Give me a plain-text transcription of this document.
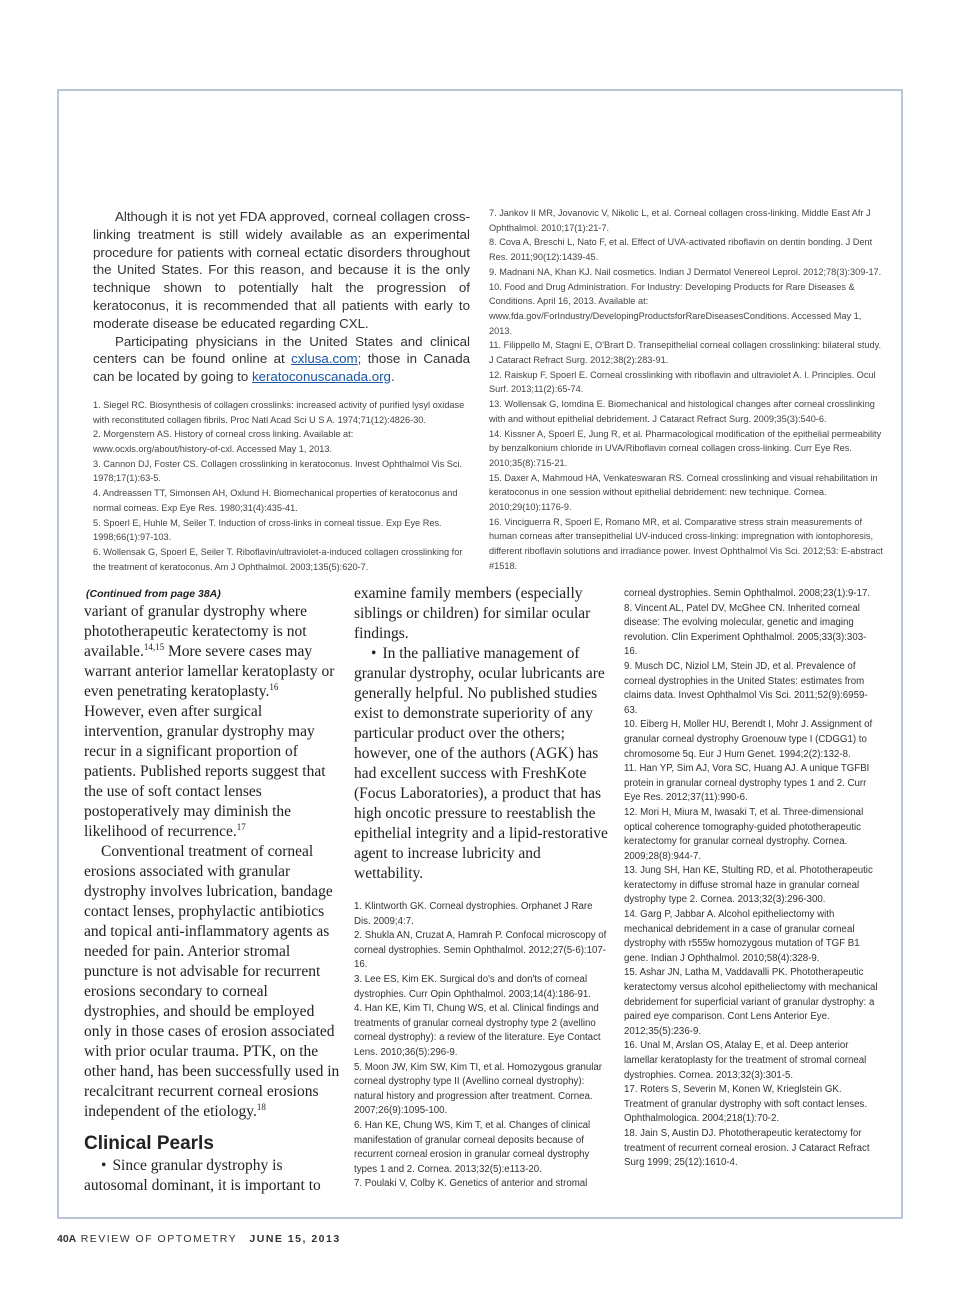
Although it is not yet FDA approved, corneal collagen cross-linking treatment is still widely available as an experimental procedure for patients with corneal ectatic disorders throughout the United States. For this reason, and because it is the only technique shown to potentially halt the progression of keratoconus, it is recommended that all patients with early to moderate disease be educated regarding CXL.

Participating physicians in the United States and clinical centers can be found online at cxlusa.com; those in Canada can be located by going to keratoconuscanada.org.

1. Siegel RC. Biosynthesis of collagen crosslinks: increased activity of purified lysyl oxidase with reconstituted collagen fibrils. Proc Natl Acad Sci U S A. 1974;71(12):4826-30.

2. Morgenstern AS. History of corneal cross linking. Available at: www.ocxls.org/about/history-of-cxl. Accessed May 1, 2013.

3. Cannon DJ, Foster CS. Collagen crosslinking in keratoconus. Invest Ophthalmol Vis Sci. 1978;17(1):63-5.

4. Andreassen TT, Simonsen AH, Oxlund H. Biomechanical properties of keratoconus and normal corneas. Exp Eye Res. 1980;31(4):435-41.

5. Spoerl E, Huhle M, Seiler T. Induction of cross-links in corneal tissue. Exp Eye Res. 1998;66(1):97-103.

6. Wollensak G, Spoerl E, Seiler T. Riboflavin/ultraviolet-a-induced collagen crosslinking for the treatment of keratoconus. Am J Ophthalmol. 2003;135(5):620-7.

7. Jankov II MR, Jovanovic V, Nikolic L, et al. Corneal collagen cross-linking. Middle East Afr J Ophthalmol. 2010;17(1):21-7.

8. Cova A, Breschi L, Nato F, et al. Effect of UVA-activated riboflavin on dentin bonding. J Dent Res. 2011;90(12):1439-45.

9. Madnani NA, Khan KJ. Nail cosmetics. Indian J Dermatol Venereol Leprol. 2012;78(3):309-17.

10. Food and Drug Administration. For Industry: Developing Products for Rare Diseases & Conditions. April 16, 2013. Available at: www.fda.gov/ForIndustry/DevelopingProductsforRareDiseasesConditions. Accessed May 1, 2013.

11. Filippello M, Stagni E, O'Brart D. Transepithelial corneal collagen crosslinking: bilateral study. J Cataract Refract Surg. 2012;38(2):283-91.

12. Raiskup F, Spoerl E. Corneal crosslinking with riboflavin and ultraviolet A. I. Principles. Ocul Surf. 2013;11(2):65-74.

13. Wollensak G, Iomdina E. Biomechanical and histological changes after corneal crosslinking with and without epithelial debridement. J Cataract Refract Surg. 2009;35(3):540-6.

14. Kissner A, Spoerl E, Jung R, et al. Pharmacological modification of the epithelial permeability by benzalkonium chloride in UVA/Riboflavin corneal collagen cross-linking. Curr Eye Res. 2010;35(8):715-21.

15. Daxer A, Mahmoud HA, Venkateswaran RS. Corneal crosslinking and visual rehabilitation in keratoconus in one session without epithelial debridement: new technique. Cornea. 2010;29(10):1176-9.

16. Vinciguerra R, Spoerl E, Romano MR, et al. Comparative stress strain measurements of human corneas after transepithelial UV-induced cross-linking: impregnation with iontophoresis, different riboflavin solutions and irradiance power. Invest Ophthalmol Vis Sci. 2012;53: E-abstract #1518.

(Continued from page 38A)

variant of granular dystrophy where phototherapeutic keratectomy is not available.$^{14,15}$ More severe cases may warrant anterior lamellar keratoplasty or even penetrating keratoplasty.$^{16}$ However, even after surgical intervention, granular dystrophy may recur in a significant proportion of patients. Published reports suggest that the use of soft contact lenses postoperatively may diminish the likelihood of recurrence.$^{17}$

Conventional treatment of corneal erosions associated with granular dystrophy involves lubrication, bandage contact lenses, prophylactic antibiotics and topical anti-inflammatory agents as needed for pain. Anterior stromal puncture is not advisable for recurrent erosions secondary to corneal dystrophies, and should be employed only in those cases of erosion associated with prior ocular trauma. PTK, on the other hand, has been successfully used in recalcitrant recurrent corneal erosions independent of the etiology.$^{18}$

Clinical Pearls

• Since granular dystrophy is autosomal dominant, it is important to

examine family members (especially siblings or children) for similar ocular findings.

• In the palliative management of granular dystrophy, ocular lubricants are generally helpful. No published studies exist to demonstrate superiority of any particular product over the others; however, one of the authors (AGK) has had excellent success with FreshKote (Focus Laboratories), a product that has high oncotic pressure to reestablish the epithelial integrity and a lipid-restorative agent to increase lubricity and wettability.

1. Klintworth GK. Corneal dystrophies. Orphanet J Rare Dis. 2009;4:7.

2. Shukla AN, Cruzat A, Hamrah P. Confocal microscopy of corneal dystrophies. Semin Ophthalmol. 2012;27(5-6):107-16.

3. Lee ES, Kim EK. Surgical do's and don'ts of corneal dystrophies. Curr Opin Ophthalmol. 2003;14(4):186-91.

4. Han KE, Kim TI, Chung WS, et al. Clinical findings and treatments of granular corneal dystrophy type 2 (avellino corneal dystrophy): a review of the literature. Eye Contact Lens. 2010;36(5):296-9.

5. Moon JW, Kim SW, Kim TI, et al. Homozygous granular corneal dystrophy type II (Avellino corneal dystrophy): natural history and progression after treatment. Cornea. 2007;26(9):1095-100.

6. Han KE, Chung WS, Kim T, et al. Changes of clinical manifestation of granular corneal deposits because of recurrent corneal erosion in granular corneal dystrophy types 1 and 2. Cornea. 2013;32(5):e113-20.

7. Poulaki V, Colby K. Genetics of anterior and stromal

corneal dystrophies. Semin Ophthalmol. 2008;23(1):9-17.

8. Vincent AL, Patel DV, McGhee CN. Inherited corneal disease: The evolving molecular, genetic and imaging revolution. Clin Experiment Ophthalmol. 2005;33(3):303-16.

9. Musch DC, Niziol LM, Stein JD, et al. Prevalence of corneal dystrophies in the United States: estimates from claims data. Invest Ophthalmol Vis Sci. 2011;52(9):6959-63.

10. Eiberg H, Moller HU, Berendt I, Mohr J. Assignment of granular corneal dystrophy Groenouw type I (CDGG1) to chromosome 5q. Eur J Hum Genet. 1994;2(2):132-8.

11. Han YP, Sim AJ, Vora SC, Huang AJ. A unique TGFBI protein in granular corneal dystrophy types 1 and 2. Curr Eye Res. 2012;37(11):990-6.

12. Mori H, Miura M, Iwasaki T, et al. Three-dimensional optical coherence tomography-guided phototherapeutic keratectomy for granular corneal dystrophy. Cornea. 2009;28(8):944-7.

13. Jung SH, Han KE, Stulting RD, et al. Phototherapeutic keratectomy in diffuse stromal haze in granular corneal dystrophy type 2. Cornea. 2013;32(3):296-300.

14. Garg P, Jabbar A. Alcohol epitheliectomy with mechanical debridement in a case of granular corneal dystrophy with r555w homozygous mutation of TGF B1 gene. Indian J Ophthalmol. 2010;58(4):328-9.

15. Ashar JN, Latha M, Vaddavalli PK. Phototherapeutic keratectomy versus alcohol epitheliectomy with mechanical debridement for superficial variant of granular dystrophy: a paired eye comparison. Cont Lens Anterior Eye. 2012;35(5):236-9.

16. Unal M, Arslan OS, Atalay E, et al. Deep anterior lamellar keratoplasty for the treatment of stromal corneal dystrophies. Cornea. 2013;32(3):301-5.

17. Roters S, Severin M, Konen W, Krieglstein GK. Treatment of granular dystrophy with soft contact lenses. Ophthalmologica. 2004;218(1):70-2.

18. Jain S, Austin DJ. Phototherapeutic keratectomy for treatment of recurrent corneal erosion. J Cataract Refract Surg 1999; 25(12):1610-4.

40A REVIEW OF OPTOMETRY JUNE 15, 2013
